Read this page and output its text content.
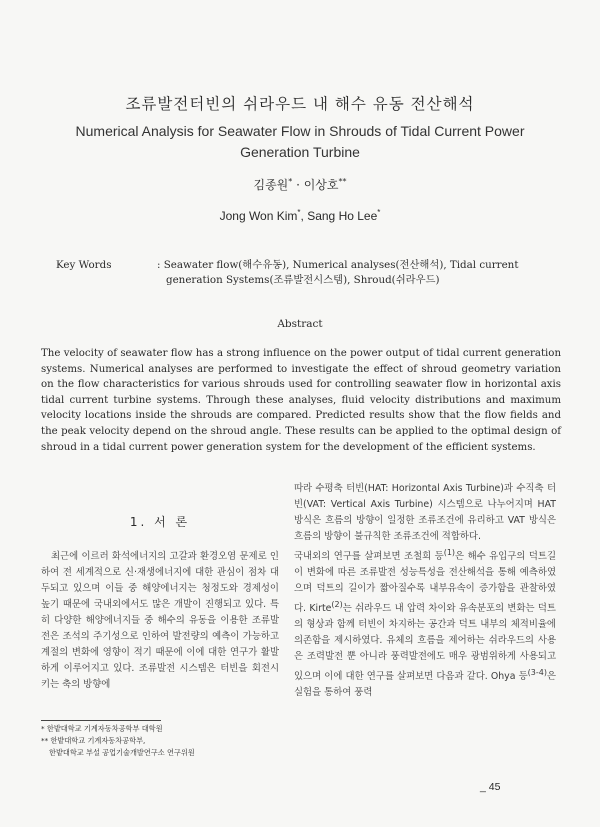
조류발전터빈의 쉬라우드 내 해수 유동 전산해석
Numerical Analysis for Seawater Flow in Shrouds of Tidal Current Power
Generation Turbine
김종원* · 이상호**
Jong Won Kim*, Sang Ho Lee*
Key Words	: Seawater flow(해수유동), Numerical analyses(전산해석), Tidal current generation Systems(조류발전시스템), Shroud(쉬라우드)
Abstract
The velocity of seawater flow has a strong influence on the power output of tidal current generation systems. Numerical analyses are performed to investigate the effect of shroud geometry variation on the flow characteristics for various shrouds used for controlling seawater flow in horizontal axis tidal current turbine systems. Through these analyses, fluid velocity distributions and maximum velocity locations inside the shrouds are compared. Predicted results show that the flow fields and the peak velocity depend on the shroud angle. These results can be applied to the optimal design of shroud in a tidal current power generation system for the development of the efficient systems.
1. 서 론
최근에 이르러 화석에너지의 고갈과 환경오염 문제로 인하여 전 세계적으로 신·재생에너지에 대한 관심이 점차 대두되고 있으며 이들 중 해양에너지는 청정도와 경제성이 높기 때문에 국내외에서도 많은 개발이 진행되고 있다. 특히 다양한 해양에너지들 중 해수의 유동을 이용한 조류발전은 조석의 주기성으로 인하여 발전량의 예측이 가능하고 계절의 변화에 영향이 적기 때문에 이에 대한 연구가 활발하게 이루어지고 있다. 조류발전 시스템은 터빈을 회전시키는 축의 방향에
* 한밭대학교 기계자동차공학부 대학원
** 한밭대학교 기계자동차공학부,
한밭대학교 부설 공업기술개발연구소 연구위원
따라 수평축 터빈(HAT: Horizontal Axis Turbine)과 수직축 터빈(VAT: Vertical Axis Turbine) 시스템으로 나누어지며 HAT 방식은 흐름의 방향이 일정한 조류조건에 유리하고 VAT 방식은 흐름의 방향이 불규칙한 조류조건에 적합하다.
국내외의 연구를 살펴보면 조철희 등$^{(1)}$은 해수 유입구의 덕트길이 변화에 따른 조류발전 성능특성을 전산해석을 통해 예측하였으며 덕트의 길이가 짧아질수록 내부유속이 증가함을 관찰하였다. Kirte$^{(2)}$는 쉬라우드 내 압력 차이와 유속분포의 변화는 덕트의 형상과 함께 터빈이 차지하는 공간과 덕트 내부의 체적비율에 의존함을 제시하였다. 유체의 흐름을 제어하는 쉬라우드의 사용은 조력발전 뿐 아니라 풍력발전에도 매우 광범위하게 사용되고 있으며 이에 대한 연구를 살펴보면 다음과 같다. Ohya 등$^{(3-4)}$은 실험을 통하여 풍력
_ 45
